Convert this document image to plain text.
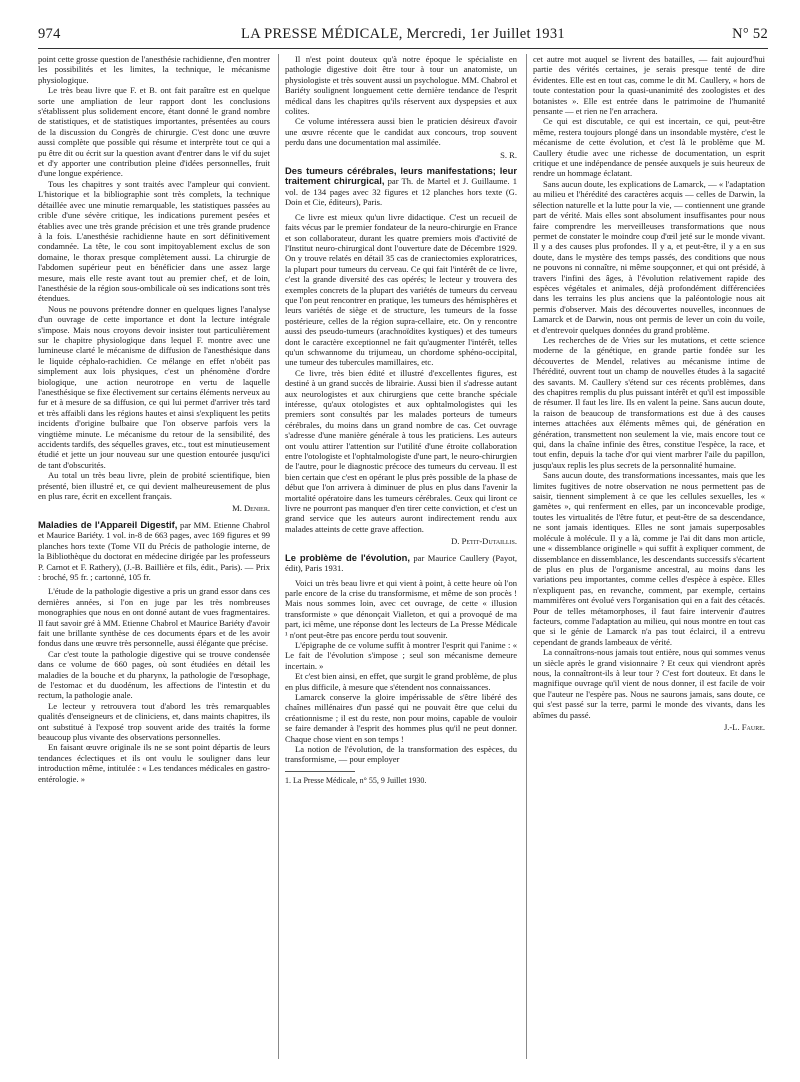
974	LA PRESSE MÉDICALE, Mercredi, 1er Juillet 1931	N° 52

point cette grosse question de l'anesthésie rachidienne, d'en montrer les possibilités et les limites, la technique, le mécanisme physiologique.

Le très beau livre que F. et B. ont fait paraître est en quelque sorte une ampliation de leur rapport dont les conclusions s'établissent plus solidement encore, étant donné le grand nombre de statistiques, et de statistiques importantes, présentées au cours de la discussion du Congrès de chirurgie. C'est donc une œuvre aussi complète que possible qui résume et interprète tout ce qui a pu être dit ou écrit sur la question avant d'entrer dans le vif du sujet et d'y apporter une contribution pleine d'idées personnelles, fruit d'une longue expérience.

Tous les chapitres y sont traités avec l'ampleur qui convient. L'historique et la bibliographie sont très complets, la technique détaillée avec une minutie remarquable, les statistiques passées au crible d'une sévère critique, les indications purement pesées et établies avec une très grande précision et une très grande prudence à la fois. L'anesthésie rachidienne haute en sort définitivement condamnée. La tête, le cou sont impitoyablement exclus de son domaine, le thorax presque complètement aussi. La chirurgie de l'abdomen supérieur peut en bénéficier dans une assez large mesure, mais elle reste avant tout au premier chef, et de loin, l'anesthésie de la région sous-ombilicale où ses indications sont très étendues.

Nous ne pouvons prétendre donner en quelques lignes l'analyse d'un ouvrage de cette importance et dont la lecture intégrale s'impose. Mais nous croyons devoir insister tout particulièrement sur le chapitre physiologique dans lequel F. montre avec une lumineuse clarté le mécanisme de diffusion de l'anesthésique dans le liquide céphalo-rachidien. Ce mélange en effet n'obéit pas simplement aux lois physiques, c'est un phénomène d'ordre biologique, une action neurotrope en vertu de laquelle l'anesthésique se fixe électivement sur certains éléments nerveux au fur et à mesure de sa diffusion, ce qui lui permet d'arriver très tard et très affaibli dans les régions hautes et ainsi s'expliquent les petits incidents d'origine bulbaire que l'on observe parfois vers la vingtième minute. Le mécanisme du retour de la sensibilité, des accidents tardifs, des séquelles graves, etc., tout est minutieusement étudié et jette un jour nouveau sur une question entourée jusqu'ici de tant d'obscurités.

Au total un très beau livre, plein de probité scientifique, bien présenté, bien illustré et, ce qui devient malheureusement de plus en plus rare, écrit en excellent français.

M. Denier.

Maladies de l'Appareil Digestif, par MM. Etienne Chabrol et Maurice Bariéty. 1 vol. in-8 de 663 pages, avec 169 figures et 99 planches hors texte (Tome VII du Précis de pathologie interne, de la Bibliothèque du doctorat en médecine dirigée par les professeurs P. Carnot et F. Rathery), (J.-B. Baillière et fils, édit., Paris). — Prix : broché, 95 fr. ; cartonné, 105 fr.

L'étude de la pathologie digestive a pris un grand essor dans ces dernières années, si l'on en juge par les très nombreuses monographies que nous en ont donné autant de vues fragmentaires. Il faut savoir gré à MM. Etienne Chabrol et Maurice Bariéty d'avoir fait une brillante synthèse de ces documents épars et de les avoir fondus dans une œuvre très personnelle, aussi élégante que précise.

Car c'est toute la pathologie digestive qui se trouve condensée dans ce volume de 660 pages, où sont étudiées en détail les maladies de la bouche et du pharynx, la pathologie de l'œsophage, de l'estomac et du duodénum, les affections de l'intestin et du rectum, la pathologie anale.

Le lecteur y retrouvera tout d'abord les très remarquables qualités d'enseigneurs et de cliniciens, et, dans maints chapitres, ils ont substitué à l'exposé trop souvent aride des traités la forme beaucoup plus vivante des observations personnelles.

En faisant œuvre originale ils ne se sont point départis de leurs tendances éclectiques et ils ont voulu le souligner dans leur introduction même, intitulée : « Les tendances médicales en gastro-entérologie. »

Il n'est point douteux qu'à notre époque le spécialiste en pathologie digestive doit être tour à tour un anatomiste, un physiologiste et très souvent aussi un psychologue. MM. Chabrol et Bariéty soulignent longuement cette dernière tendance de l'esprit médical dans les chapitres qu'ils réservent aux dyspepsies et aux colites.

Ce volume intéressera aussi bien le praticien désireux d'avoir une œuvre récente que le candidat aux concours, trop souvent perdu dans une documentation mal assimilée.

S. R.

Des tumeurs cérébrales, leurs manifestations; leur traitement chirurgical, par Th. de Martel et J. Guillaume. 1 vol. de 134 pages avec 32 figures et 12 planches hors texte (G. Doin et Cie, éditeurs), Paris.

Ce livre est mieux qu'un livre didactique. C'est un recueil de faits vécus par le premier fondateur de la neuro-chirurgie en France et son collaborateur, durant les quatre premiers mois d'activité de l'Institut neuro-chirurgical dont l'ouverture date de Décembre 1929. On y trouve relatés en détail 35 cas de craniectomies exploratrices, la plupart pour tumeurs du cerveau. Ce qui fait l'intérêt de ce livre, c'est la grande diversité des cas opérés; le lecteur y trouvera des exemples concrets de la plupart des variétés de tumeurs du cerveau que l'on peut rencontrer en pratique, les tumeurs des hémisphères et leurs variétés de siège et de structure, les tumeurs de la fosse postérieure, celles de la région supra-cellaire, etc. On y rencontre aussi des pseudo-tumeurs (arachnoïdites kystiques) et des tumeurs dont le caractère exceptionnel ne fait qu'augmenter l'intérêt, telles qu'un schwannome du trijumeau, un chordome sphéno-occipital, une tumeur des tubercules mamillaires, etc.

Ce livre, très bien édité et illustré d'excellentes figures, est destiné à un grand succès de librairie. Aussi bien il s'adresse autant aux neurologistes et aux chirurgiens que cette branche spéciale intéresse, qu'aux otologistes et aux ophtalmologistes qui les premiers sont consultés par les malades porteurs de tumeurs cérébrales, du moins dans un grand nombre de cas. Cet ouvrage s'adresse d'une manière générale à tous les praticiens. Les auteurs ont voulu attirer l'attention sur l'utilité d'une étroite collaboration entre l'otologiste et l'ophtalmologiste d'une part, le neuro-chirurgien de l'autre, pour le diagnostic précoce des tumeurs du cerveau. Il est bien certain que c'est en opérant le plus près possible de la phase de début que l'on arrivera à diminuer de plus en plus dans l'avenir la mortalité opératoire dans les tumeurs cérébrales. Ceux qui liront ce livre ne pourront pas manquer d'en tirer cette conviction, et c'est un grand service que les auteurs auront indirectement rendu aux malades atteints de cette grave affection.

D. Petit-Dutaillis.

Le problème de l'évolution, par Maurice Caullery (Payot, édit), Paris 1931.

Voici un très beau livre et qui vient à point, à cette heure où l'on parle encore de la crise du transformisme, et même de son procès ! Mais nous sommes loin, avec cet ouvrage, de cette « illusion transformiste » que dénonçait Vialleton, et qui a provoqué de ma part, ici même, une réponse dont les lecteurs de La Presse Médicale ¹ n'ont peut-être pas encore perdu tout souvenir.

L'épigraphe de ce volume suffit à montrer l'esprit qui l'anime : « Le fait de l'évolution s'impose ; seul son mécanisme demeure incertain. »

Et c'est bien ainsi, en effet, que surgit le grand problème, de plus en plus difficile, à mesure que s'étendent nos connaissances.

Lamarck conserve la gloire impérissable de s'être libéré des chaînes millénaires d'un passé qui ne pouvait être que celui du créationnisme ; il est du reste, non pour moins, capable de vouloir se faire demander à l'esprit des hommes plus qu'il ne peut donner. Chaque chose vient en son temps !

La notion de l'évolution, de la transformation des espèces, du transformisme, — pour employer

1. La Presse Médicale, n° 55, 9 Juillet 1930.

cet autre mot auquel se livrent des batailles, — fait aujourd'hui partie des vérités certaines, je serais presque tenté de dire évidentes. Elle est en tout cas, comme le dit M. Caullery, « hors de toute contestation pour la quasi-unanimité des zoologistes et des botanistes ». Elle est entrée dans le patrimoine de l'humanité pensante — et rien ne l'en arrachera.

Ce qui est discutable, ce qui est incertain, ce qui, peut-être même, restera toujours plongé dans un insondable mystère, c'est le mécanisme de cette évolution, et c'est là le problème que M. Caullery étudie avec une richesse de documentation, un esprit critique et une indépendance de pensée auxquels je suis heureux de rendre un hommage éclatant.

Sans aucun doute, les explications de Lamarck, — « l'adaptation au milieu et l'hérédité des caractères acquis — celles de Darwin, la sélection naturelle et la lutte pour la vie, — contiennent une grande part de vérité. Mais elles sont absolument insuffisantes pour nous faire comprendre les merveilleuses transformations que nous permet de constater le moindre coup d'œil jeté sur le monde vivant. Il y a des causes plus profondes. Il y a, et peut-être, il y a en sus doute, dans le mystère des temps passés, des conditions que nous ne pouvons ni connaître, ni même soupçonner, et qui ont présidé, à travers l'infini des âges, à l'évolution relativement rapide des espèces végétales et animales, déjà profondément différenciées dans les terrains les plus anciens que la paléontologie nous ait permis d'observer. Mais des découvertes nouvelles, inconnues de Lamarck et de Darwin, nous ont permis de lever un coin du voile, et d'entrevoir quelques données du grand problème.

Les recherches de de Vries sur les mutations, et cette science moderne de la génétique, en grande partie fondée sur les découvertes de Mendel, relatives au mécanisme intime de l'hérédité, ouvrent tout un champ de nouvelles études à la sagacité des savants. M. Caullery s'étend sur ces récents problèmes, dans des chapitres remplis du plus puissant intérêt et qu'il est impossible de résumer. Il faut les lire. Ils en valent la peine. Sans aucun doute, la raison de beaucoup de transformations est due à des causes internes attachées aux éléments mêmes qui, de génération en génération, transmettent non seulement la vie, mais encore tout ce qui, dans la chaîne infinie des êtres, constitue l'espèce, la race, et tout enfin, depuis la tache d'or qui vient marbrer l'aile du papillon, jusqu'aux replis les plus secrets de la personnalité humaine.

Sans aucun doute, des transformations incessantes, mais que les limites fugitives de notre observation ne nous permettent pas de saisir, tiennent simplement à ce que les cellules sexuelles, les « gamètes », qui renferment en elles, par un inconcevable prodige, toutes les virtualités de l'être futur, et peut-être de sa descendance, ne sont jamais identiques. Elles ne sont jamais superposables molécule à molécule. Il y a là, comme je l'ai dit dans mon article, une « dissemblance originelle » qui suffit à expliquer comment, de dissemblance en dissemblance, les descendants successifs s'écartent de plus en plus de l'organisme ancestral, au moins dans les variations peu importantes, comme celles d'espèce à espèce. Elles n'expliquent pas, en revanche, comment, par exemple, certains mammifères ont évolué vers l'organisation qui en a fait des cétacés. Pour de telles métamorphoses, il faut faire intervenir d'autres facteurs, comme l'adaptation au milieu, qui nous montre en tout cas que si le génie de Lamarck n'a pas tout éclairci, il a entrevu cependant de grands lambeaux de vérité.

La connaîtrons-nous jamais tout entière, nous qui sommes venus un siècle après le grand visionnaire ? Et ceux qui viendront après nous, la connaîtront-ils à leur tour ? C'est fort douteux. Et dans le magnifique ouvrage qu'il vient de nous donner, il est facile de voir que l'auteur ne l'espère pas. Nous ne saurons jamais, sans doute, ce qui s'est passé sur la terre, parmi le monde des vivants, dans les abîmes du passé.

J.-L. Faure.
